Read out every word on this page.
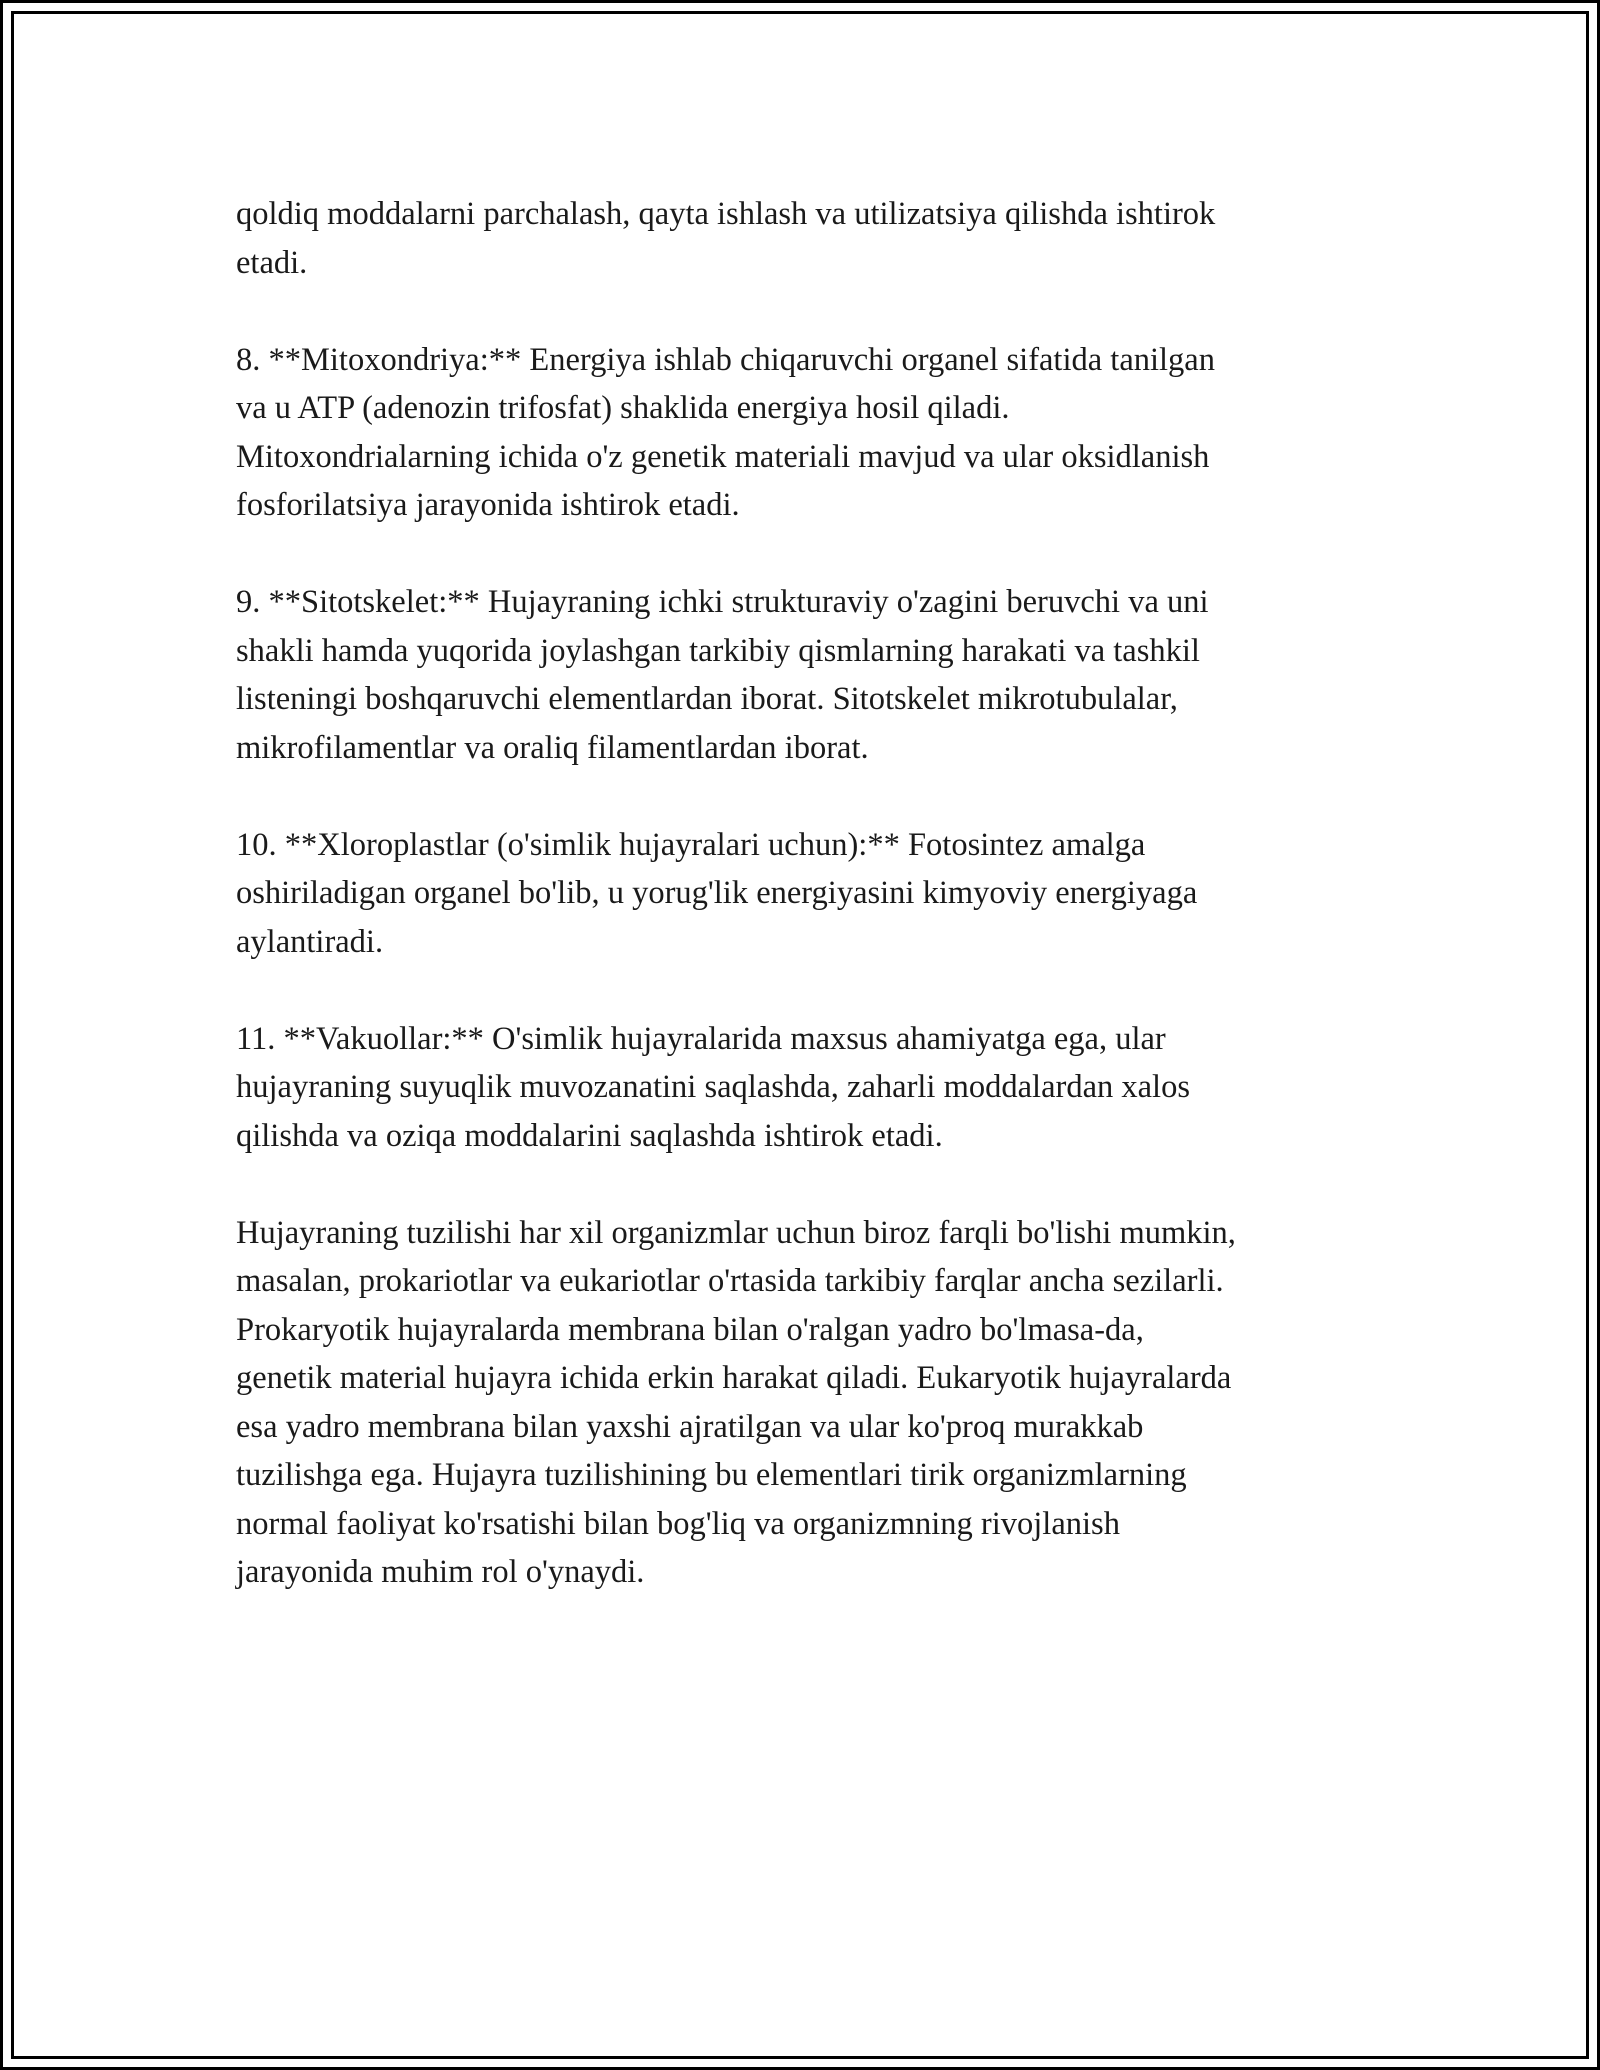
qoldiq moddalarni parchalash, qayta ishlash va utilizatsiya qilishda ishtirok
etadi.

8. **Mitoxondriya:** Energiya ishlab chiqaruvchi organel sifatida tanilgan
va u ATP (adenozin trifosfat) shaklida energiya hosil qiladi.
Mitoxondrialarning ichida o'z genetik materiali mavjud va ular oksidlanish
fosforilatsiya jarayonida ishtirok etadi.

9. **Sitotskelet:** Hujayraning ichki strukturaviy o'zagini beruvchi va uni
shakli hamda yuqorida joylashgan tarkibiy qismlarning harakati va tashkil
listeningi boshqaruvchi elementlardan iborat. Sitotskelet mikrotubulalar,
mikrofilamentlar va oraliq filamentlardan iborat.

10. **Xloroplastlar (o'simlik hujayralari uchun):** Fotosintez amalga
oshiriladigan organel bo'lib, u yorug'lik energiyasini kimyoviy energiyaga
aylantiradi.

11. **Vakuollar:** O'simlik hujayralarida maxsus ahamiyatga ega, ular
hujayraning suyuqlik muvozanatini saqlashda, zaharli moddalardan xalos
qilishda va oziqa moddalarini saqlashda ishtirok etadi.

Hujayraning tuzilishi har xil organizmlar uchun biroz farqli bo'lishi mumkin,
masalan, prokariotlar va eukariotlar o'rtasida tarkibiy farqlar ancha sezilarli.
Prokaryotik hujayralarda membrana bilan o'ralgan yadro bo'lmasa-da,
genetik material hujayra ichida erkin harakat qiladi. Eukaryotik hujayralarda
esa yadro membrana bilan yaxshi ajratilgan va ular ko'proq murakkab
tuzilishga ega. Hujayra tuzilishining bu elementlari tirik organizmlarning
normal faoliyat ko'rsatishi bilan bog'liq va organizmning rivojlanish
jarayonida muhim rol o'ynaydi.
